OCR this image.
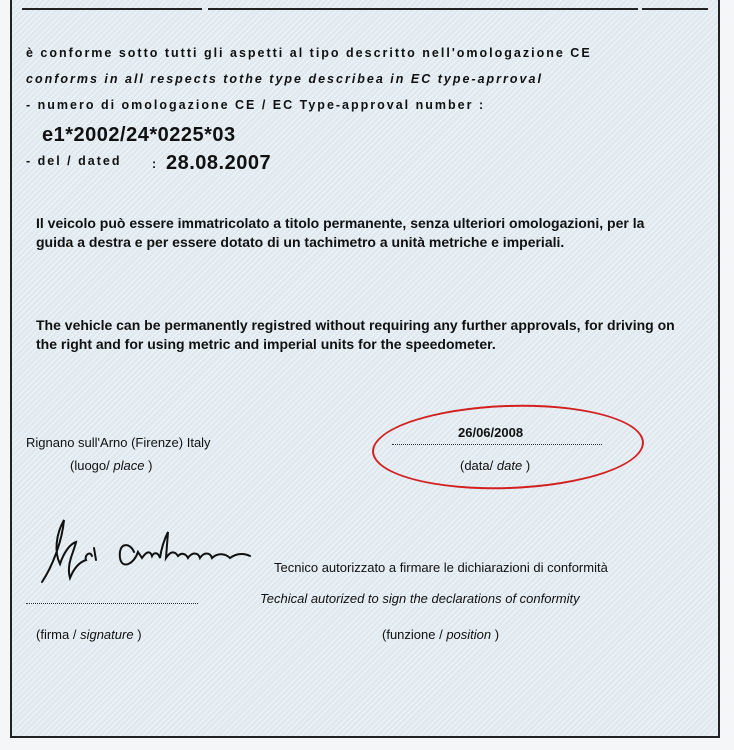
è conforme sotto tutti gli aspetti al tipo descritto nell'omologazione CE
conforms in all respects tothe type describea in EC type-aprroval
- numero di omologazione CE / EC Type-approval number :
e1*2002/24*0225*03
- del / dated : 28.08.2007
Il veicolo può essere immatricolato a titolo permanente, senza ulteriori omologazioni, per la guida a destra e per essere dotato di un tachimetro a unità metriche e imperiali.
The vehicle can be permanently registred without requiring any further approvals, for driving on the right and for using metric and imperial units for the speedometer.
Rignano sull'Arno (Firenze) Italy
(luogo/ place )
26/06/2008
(data/ date )
(firma / signature )
Tecnico autorizzato a firmare le dichiarazioni di conformità
Techical autorized to sign the declarations of conformity
(funzione / position )
